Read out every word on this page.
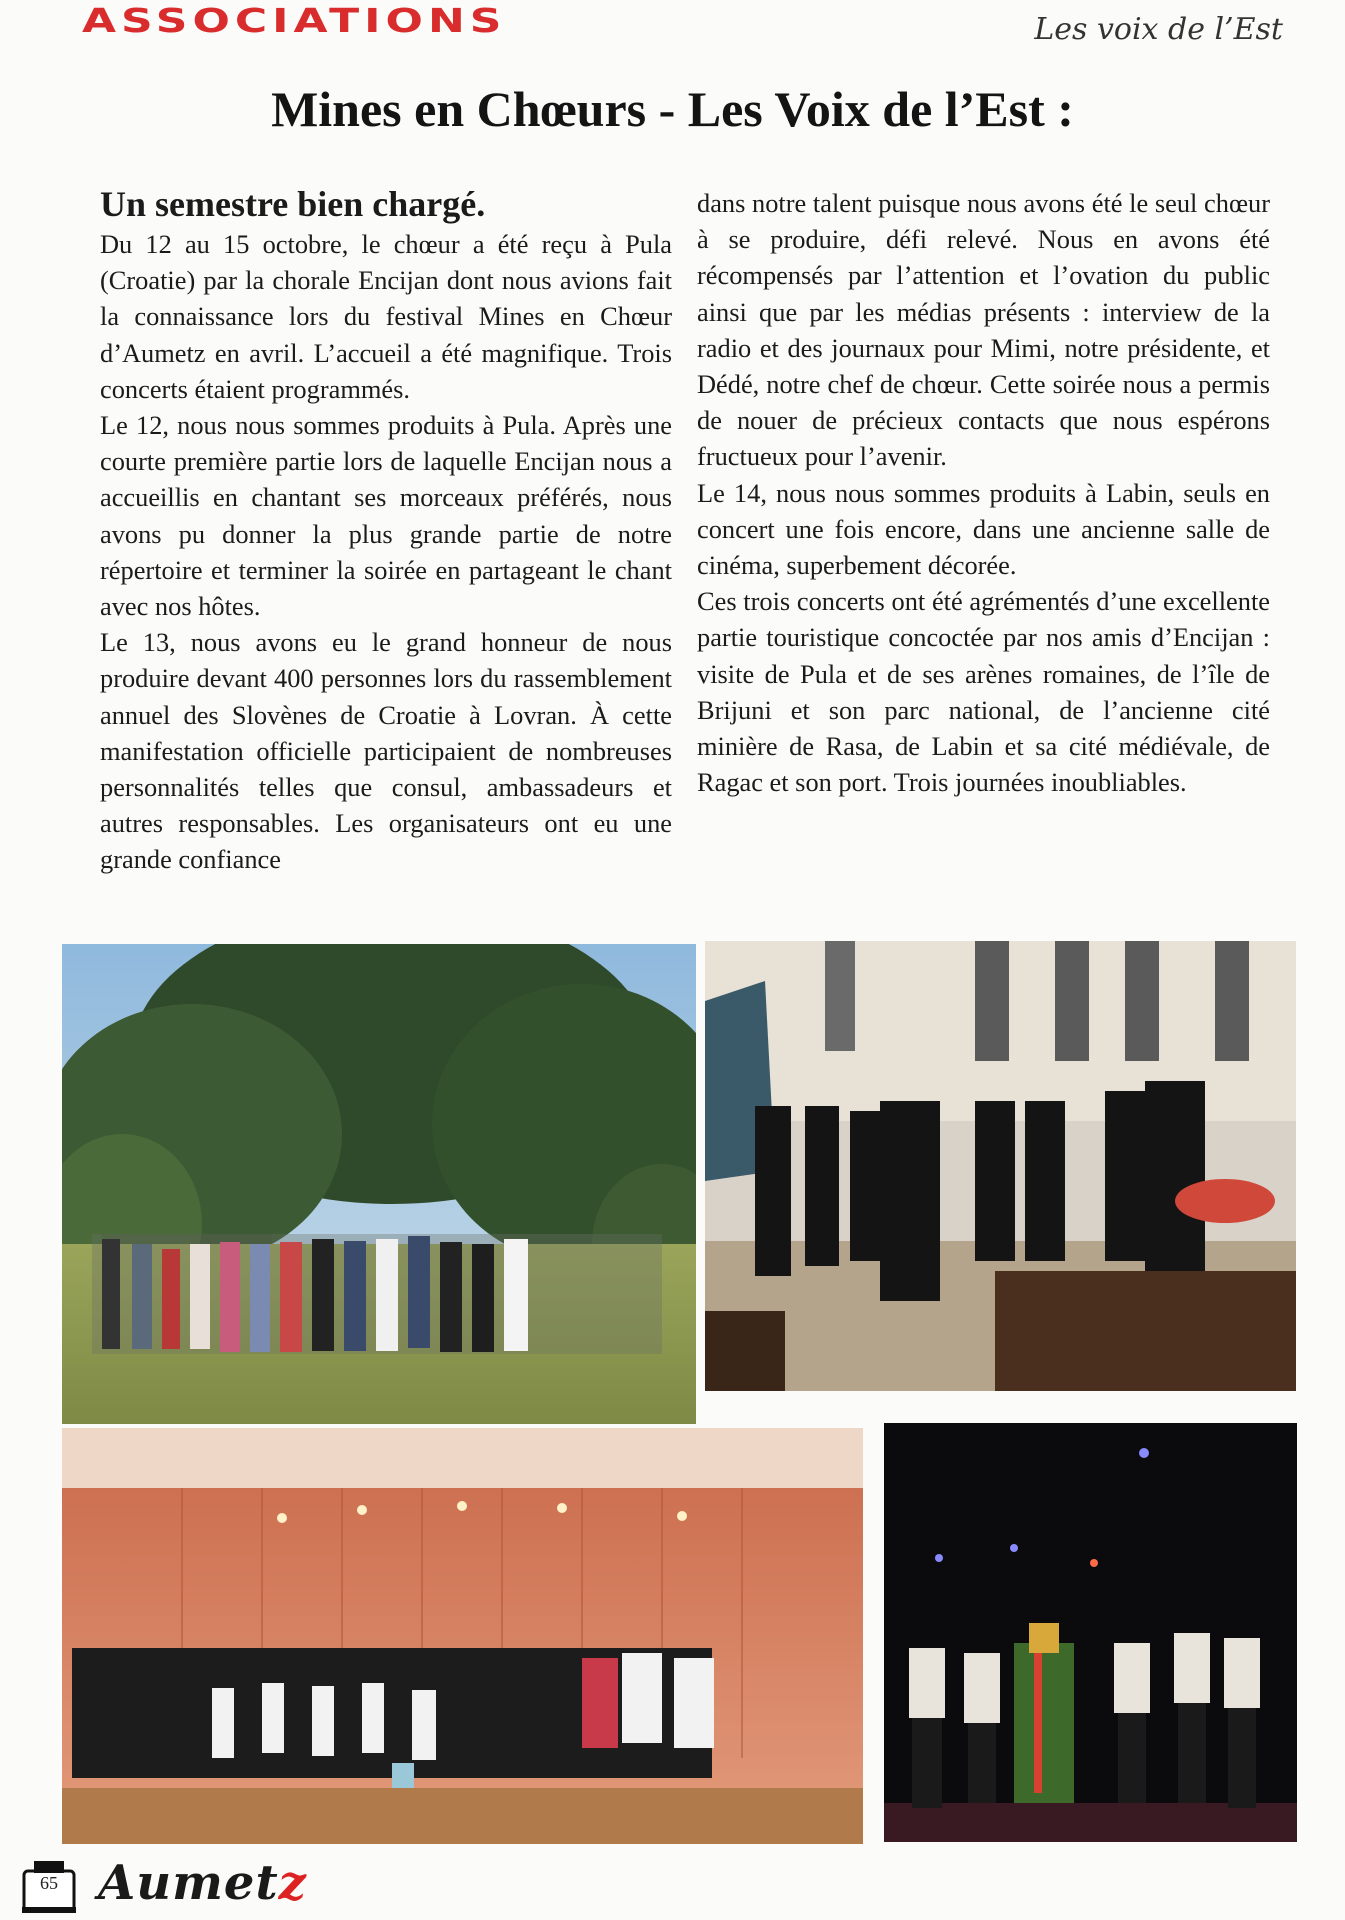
ASSOCIATIONS	Les voix de l’Est
Mines en Chœurs - Les Voix de l’Est :

Un semestre bien chargé.

Du 12 au 15 octobre, le chœur a été reçu à Pula (Croatie) par la chorale Encijan dont nous avions fait la connaissance lors du festival Mines en Chœur d’Aumetz en avril. L’accueil a été magnifique. Trois concerts étaient programmés.

Le 12, nous nous sommes produits à Pula. Après une courte première partie lors de laquelle Encijan nous a accueillis en chantant ses morceaux préférés, nous avons pu donner la plus grande partie de notre répertoire et terminer la soirée en partageant le chant avec nos hôtes.

Le 13, nous avons eu le grand honneur de nous produire devant 400 personnes lors du rassemblement annuel des Slovènes de Croatie à Lovran. À cette manifestation officielle participaient de nombreuses personnalités telles que consul, ambassadeurs et autres responsables. Les organisateurs ont eu une grande confiance

dans notre talent puisque nous avons été le seul chœur à se produire, défi relevé. Nous en avons été récompensés par l’attention et l’ovation du public ainsi que par les médias présents : interview de la radio et des journaux pour Mimi, notre présidente, et Dédé, notre chef de chœur. Cette soirée nous a permis de nouer de précieux contacts que nous espérons fructueux pour l’avenir.

Le 14, nous nous sommes produits à Labin, seuls en concert une fois encore, dans une ancienne salle de cinéma, superbement décorée.

Ces trois concerts ont été agrémentés d’une excellente partie touristique concoctée par nos amis d’Encijan : visite de Pula et de ses arènes romaines, de l’île de Brijuni et son parc national, de l’ancienne cité minière de Rasa, de Labin et sa cité médiévale, de Ragac et son port. Trois journées inoubliables.

65 Aumetz
